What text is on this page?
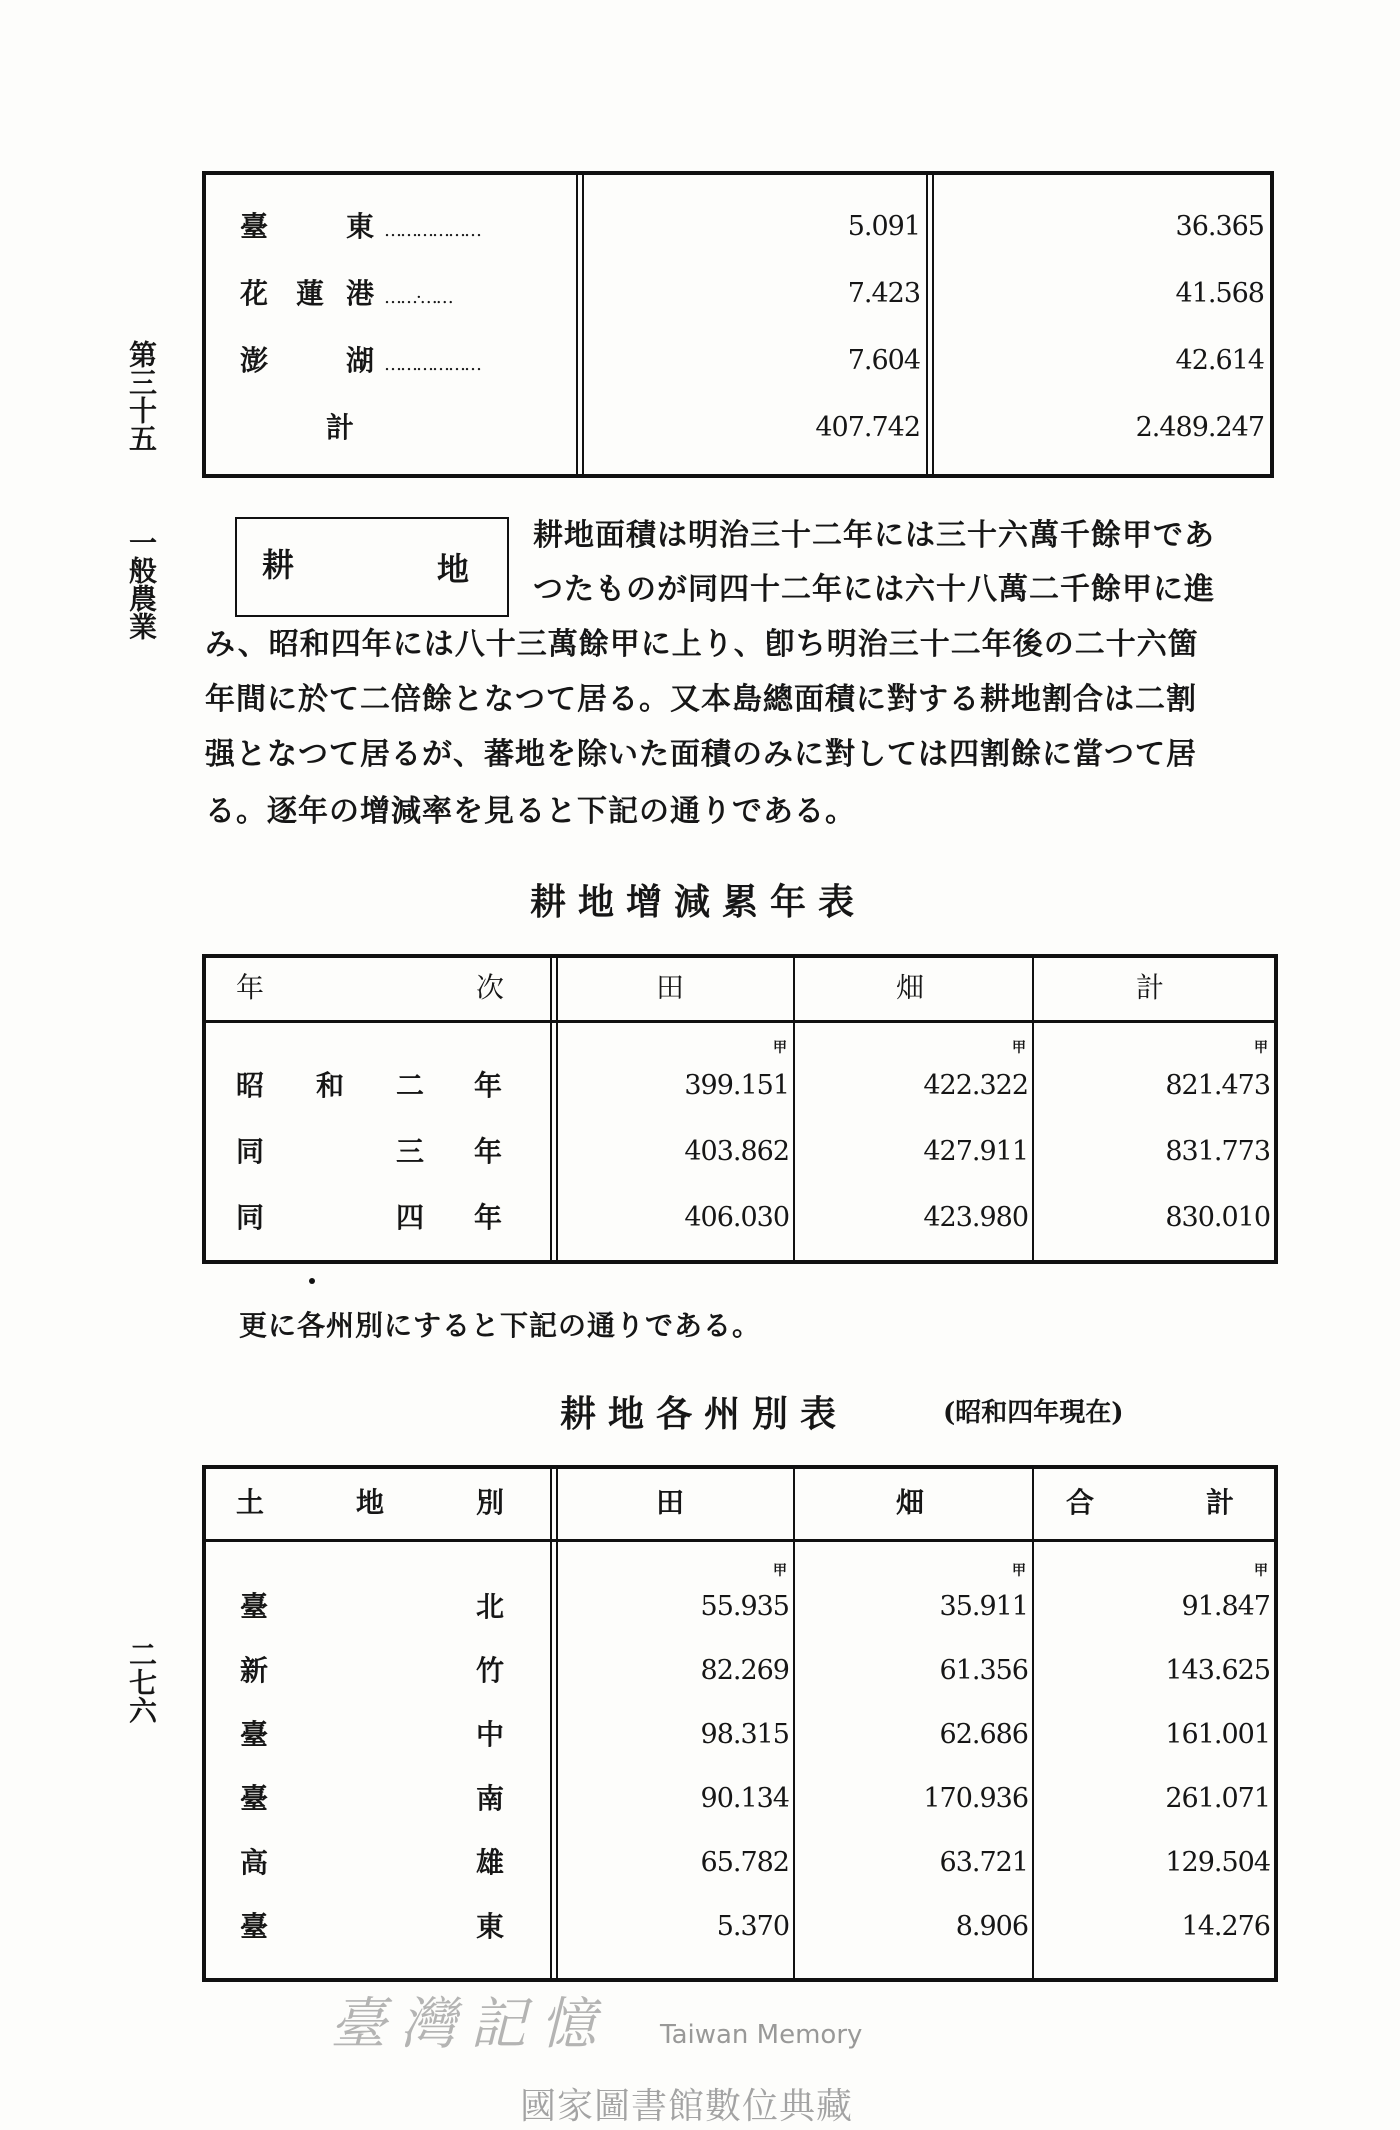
第三十五
一般農業
二七六
臺	東 ………………	5.091	36.365
花　蓮 港 ……·……	7.423	41.568
澎	湖 ………………	7.604	42.614
計	407.742	2.489.247
耕	地
耕地面積は明治三十二年には三十六萬千餘甲であ
つたものが同四十二年には六十八萬二千餘甲に進
み、昭和四年には八十三萬餘甲に上り、卽ち明治三十二年後の二十六箇
年間に於て二倍餘となつて居る。又本島總面積に對する耕地割合は二割
强となつて居るが、蕃地を除いた面積のみに對しては四割餘に當つて居
る。逐年の增減率を見ると下記の通りである。
耕地增減累年表
年	次	田	畑	計
甲	甲	甲
昭 和 二 年	399.151	422.322	821.473
同	三 年	403.862	427.911	831.773
同	四 年	406.030	423.980	830.010
更に各州別にすると下記の通りである。
耕地各州別表	(昭和四年現在)
土	地	別	田	畑	合	計
甲	甲	甲
臺	北	55.935	35.911	91.847
新	竹	82.269	61.356	143.625
臺	中	98.315	62.686	161.001
臺	南	90.134	170.936	261.071
高	雄	65.782	63.721	129.504
臺	東	5.370	8.906	14.276
臺灣記憶 Taiwan Memory
國家圖書館數位典藏
